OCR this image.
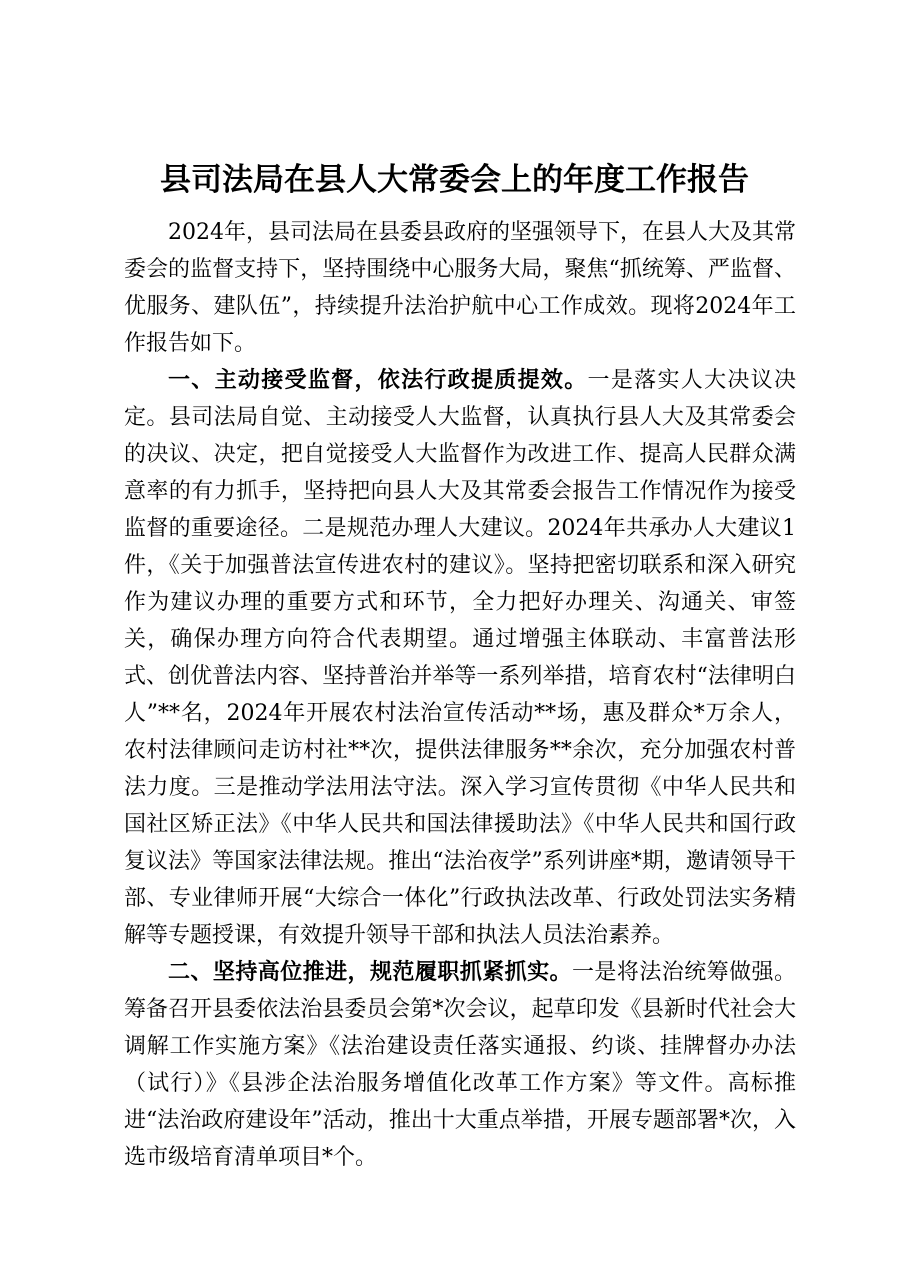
县司法局在县人大常委会上的年度工作报告

2024年，县司法局在县委县政府的坚强领导下，在县人大及其常委会的监督支持下，坚持围绕中心服务大局，聚焦“抓统筹、严监督、优服务、建队伍”，持续提升法治护航中心工作成效。现将2024年工作报告如下。

一、主动接受监督，依法行政提质提效。一是落实人大决议决定。县司法局自觉、主动接受人大监督，认真执行县人大及其常委会的决议、决定，把自觉接受人大监督作为改进工作、提高人民群众满意率的有力抓手，坚持把向县人大及其常委会报告工作情况作为接受监督的重要途径。二是规范办理人大建议。2024年共承办人大建议1件，《关于加强普法宣传进农村的建议》。坚持把密切联系和深入研究作为建议办理的重要方式和环节，全力把好办理关、沟通关、审签关，确保办理方向符合代表期望。通过增强主体联动、丰富普法形式、创优普法内容、坚持普治并举等一系列举措，培育农村“法律明白人”**名，2024年开展农村法治宣传活动**场，惠及群众*万余人，农村法律顾问走访村社**次，提供法律服务**余次，充分加强农村普法力度。三是推动学法用法守法。深入学习宣传贯彻《中华人民共和国社区矫正法》《中华人民共和国法律援助法》《中华人民共和国行政复议法》等国家法律法规。推出“法治夜学”系列讲座*期，邀请领导干部、专业律师开展“大综合一体化”行政执法改革、行政处罚法实务精解等专题授课，有效提升领导干部和执法人员法治素养。

二、坚持高位推进，规范履职抓紧抓实。一是将法治统筹做强。筹备召开县委依法治县委员会第*次会议，起草印发《县新时代社会大调解工作实施方案》《法治建设责任落实通报、约谈、挂牌督办办法（试行）》《县涉企法治服务增值化改革工作方案》等文件。高标推进“法治政府建设年”活动，推出十大重点举措，开展专题部署*次，入选市级培育清单项目*个。
